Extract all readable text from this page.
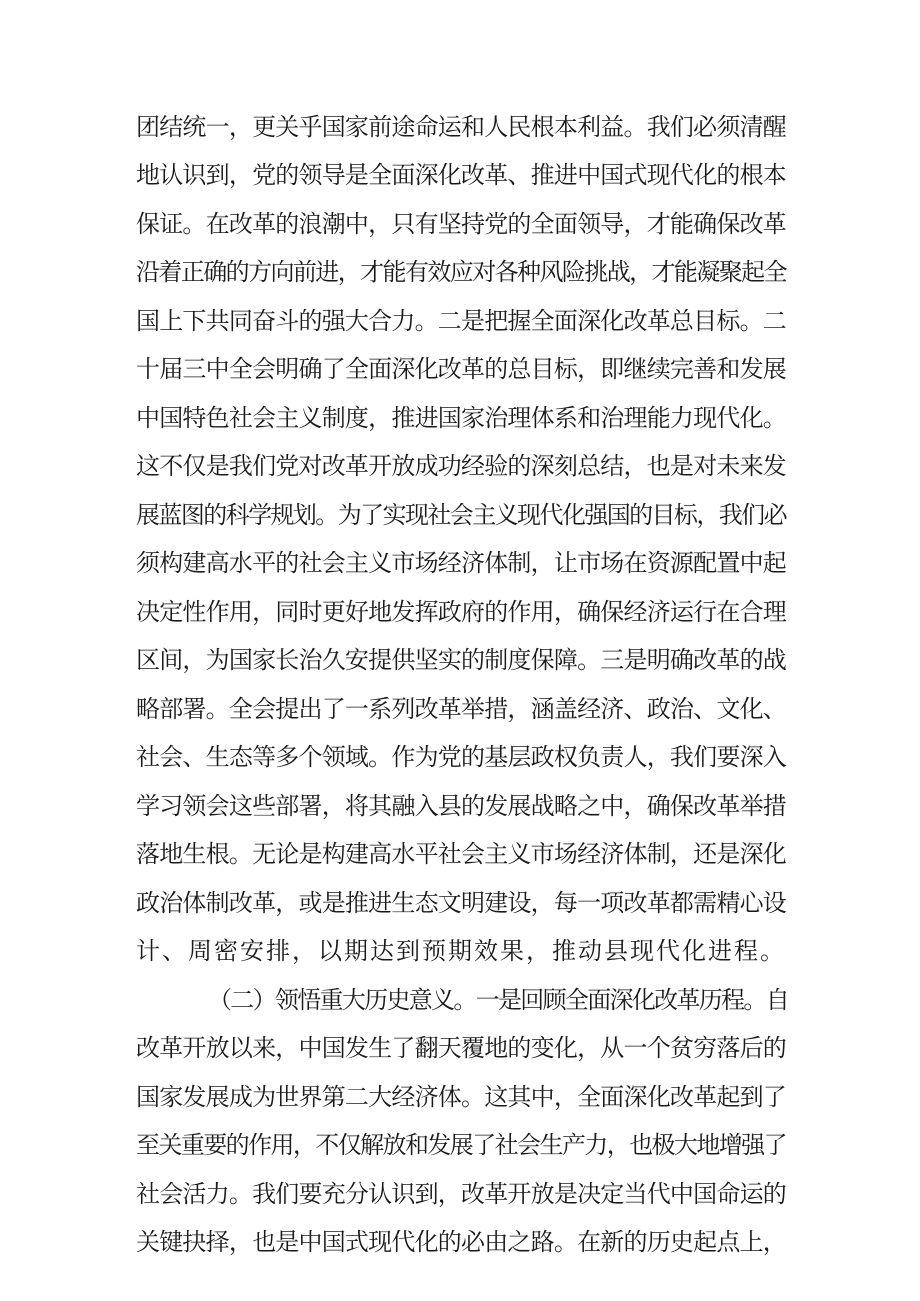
团结统一，更关乎国家前途命运和人民根本利益。我们必须清醒
地认识到，党的领导是全面深化改革、推进中国式现代化的根本
保证。在改革的浪潮中，只有坚持党的全面领导，才能确保改革
沿着正确的方向前进，才能有效应对各种风险挑战，才能凝聚起全
国上下共同奋斗的强大合力。二是把握全面深化改革总目标。二
十届三中全会明确了全面深化改革的总目标，即继续完善和发展
中国特色社会主义制度，推进国家治理体系和治理能力现代化。
这不仅是我们党对改革开放成功经验的深刻总结，也是对未来发
展蓝图的科学规划。为了实现社会主义现代化强国的目标，我们必
须构建高水平的社会主义市场经济体制，让市场在资源配置中起
决定性作用，同时更好地发挥政府的作用，确保经济运行在合理
区间，为国家长治久安提供坚实的制度保障。三是明确改革的战
略部署。全会提出了一系列改革举措，涵盖经济、政治、文化、
社会、生态等多个领域。作为党的基层政权负责人，我们要深入
学习领会这些部署，将其融入县的发展战略之中，确保改革举措
落地生根。无论是构建高水平社会主义市场经济体制，还是深化
政治体制改革，或是推进生态文明建设，每一项改革都需精心设
计、周密安排，以期达到预期效果，推动县现代化进程。
（二）领悟重大历史意义。一是回顾全面深化改革历程。自
改革开放以来，中国发生了翻天覆地的变化，从一个贫穷落后的
国家发展成为世界第二大经济体。这其中，全面深化改革起到了
至关重要的作用，不仅解放和发展了社会生产力，也极大地增强了
社会活力。我们要充分认识到，改革开放是决定当代中国命运的
关键抉择，也是中国式现代化的必由之路。在新的历史起点上，
